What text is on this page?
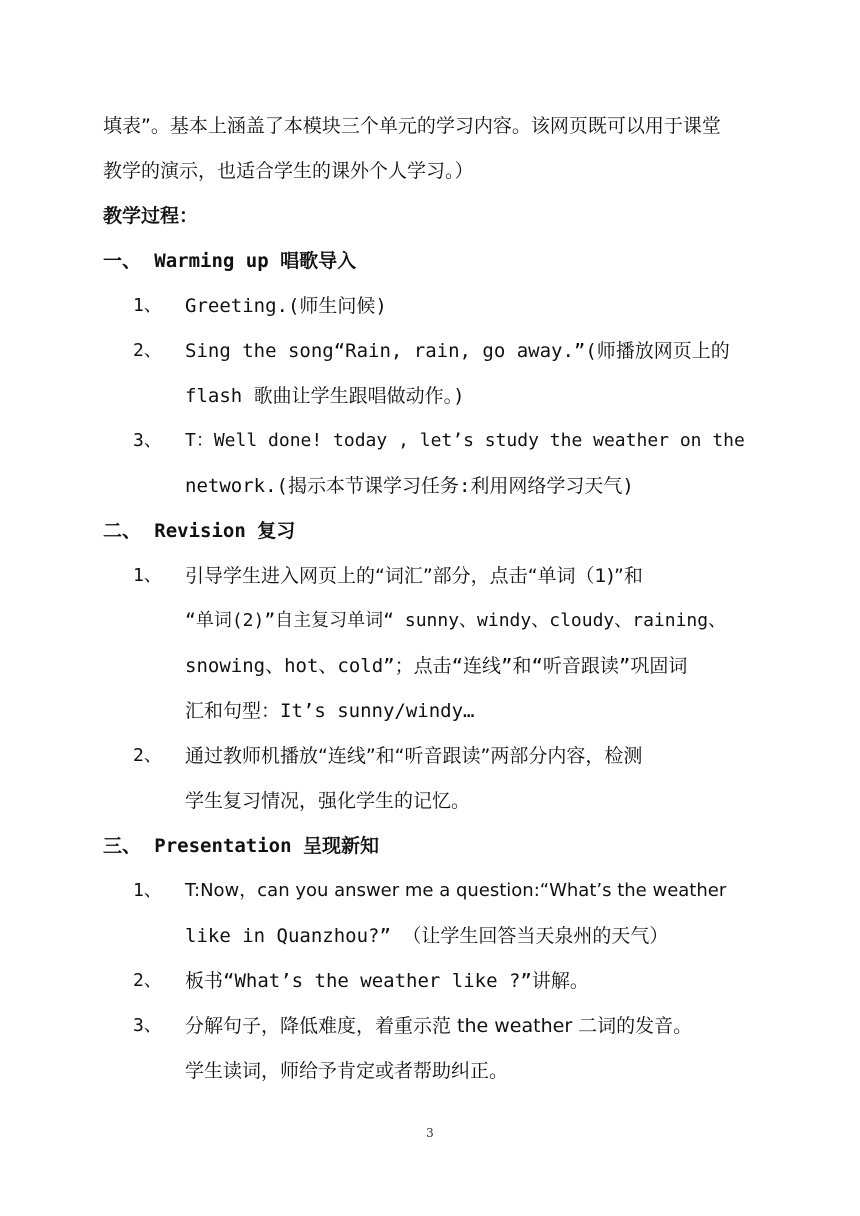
填表”。基本上涵盖了本模块三个单元的学习内容。该网页既可以用于课堂
教学的演示，也适合学生的课外个人学习。）
教学过程：
一、 Warming up 唱歌导入
1、 Greeting.(师生问候)
2、 Sing the song“Rain, rain, go away.”(师播放网页上的
flash 歌曲让学生跟唱做动作。)
3、 T：Well done! today , let’s study the weather on the
network.(揭示本节课学习任务:利用网络学习天气)
二、 Revision 复习
1、 引导学生进入网页上的“词汇”部分，点击“单词（1)”和
“单词(2)”自主复习单词“ sunny、windy、cloudy、raining、
snowing、hot、cold”；点击“连线”和“听音跟读”巩固词
汇和句型：It’s sunny/windy…
2、 通过教师机播放“连线”和“听音跟读”两部分内容，检测
学生复习情况，强化学生的记忆。
三、 Presentation 呈现新知
1、 T:Now，can you answer me a question:“What’s the weather
like in Quanzhou?” （让学生回答当天泉州的天气）
2、 板书“What’s the weather like ?”讲解。
3、 分解句子，降低难度，着重示范 the weather 二词的发音。
学生读词，师给予肯定或者帮助纠正。
3
